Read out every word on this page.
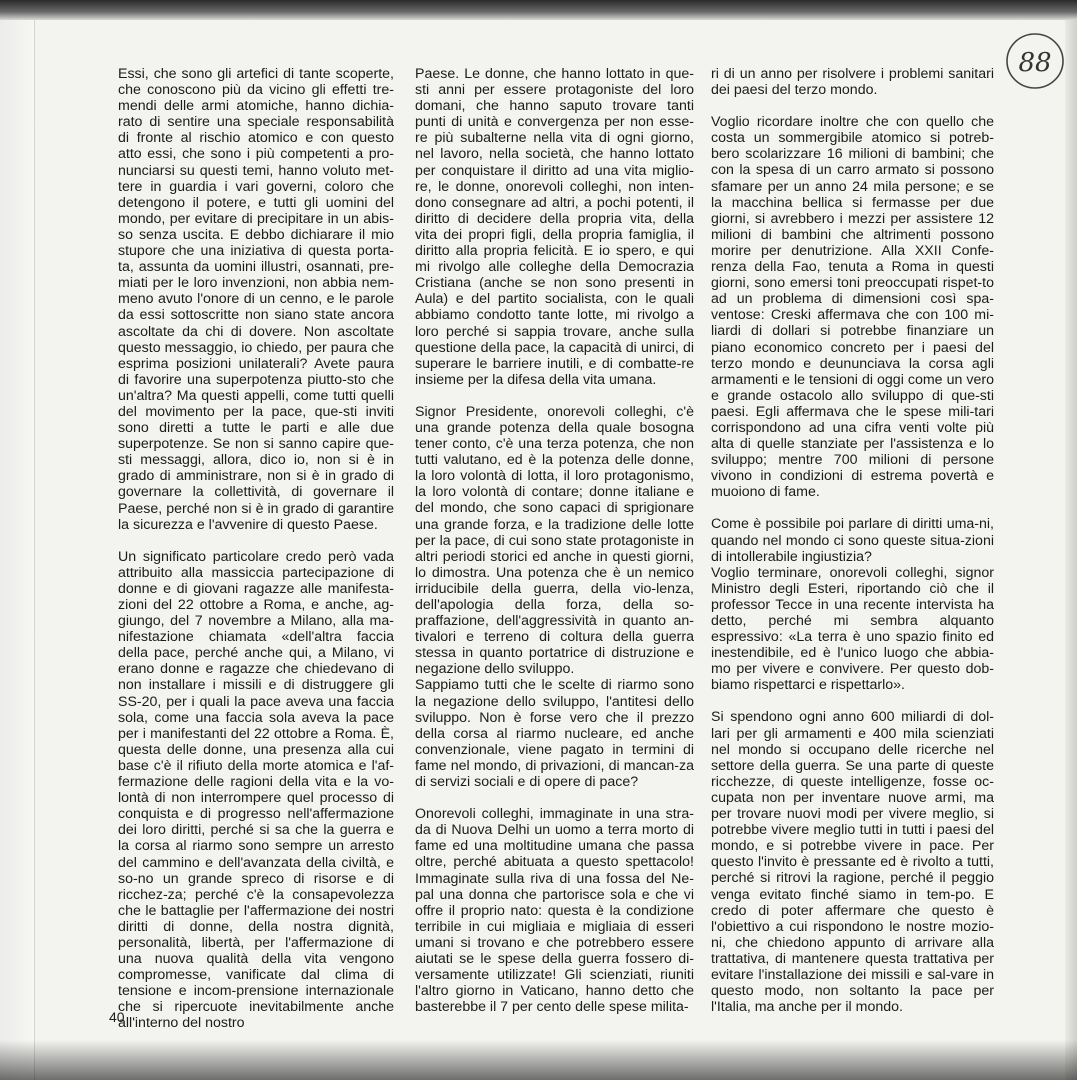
88

Essi, che sono gli artefici di tante scoperte, che conoscono più da vicino gli effetti tre-mendi delle armi atomiche, hanno dichia-rato di sentire una speciale responsabilità di fronte al rischio atomico e con questo atto essi, che sono i più competenti a pro-nunciarsi su questi temi, hanno voluto met-tere in guardia i vari governi, coloro che detengono il potere, e tutti gli uomini del mondo, per evitare di precipitare in un abis-so senza uscita. E debbo dichiarare il mio stupore che una iniziativa di questa porta-ta, assunta da uomini illustri, osannati, pre-miati per le loro invenzioni, non abbia nem-meno avuto l'onore di un cenno, e le parole da essi sottoscritte non siano state ancora ascoltate da chi di dovere. Non ascoltate questo messaggio, io chiedo, per paura che esprima posizioni unilaterali? Avete paura di favorire una superpotenza piutto-sto che un'altra? Ma questi appelli, come tutti quelli del movimento per la pace, que-sti inviti sono diretti a tutte le parti e alle due superpotenze. Se non si sanno capire que-sti messaggi, allora, dico io, non si è in grado di amministrare, non si è in grado di governare la collettività, di governare il Paese, perché non si è in grado di garantire la sicurezza e l'avvenire di questo Paese.

Un significato particolare credo però vada attribuito alla massiccia partecipazione di donne e di giovani ragazze alle manifesta-zioni del 22 ottobre a Roma, e anche, ag-giungo, del 7 novembre a Milano, alla ma-nifestazione chiamata «dell'altra faccia della pace, perché anche qui, a Milano, vi erano donne e ragazze che chiedevano di non installare i missili e di distruggere gli SS-20, per i quali la pace aveva una faccia sola, come una faccia sola aveva la pace per i manifestanti del 22 ottobre a Roma. È, questa delle donne, una presenza alla cui base c'è il rifiuto della morte atomica e l'af-fermazione delle ragioni della vita e la vo-lontà di non interrompere quel processo di conquista e di progresso nell'affermazione dei loro diritti, perché si sa che la guerra e la corsa al riarmo sono sempre un arresto del cammino e dell'avanzata della civiltà, e so-no un grande spreco di risorse e di ricchez-za; perché c'è la consapevolezza che le battaglie per l'affermazione dei nostri diritti di donne, della nostra dignità, personalità, libertà, per l'affermazione di una nuova qualità della vita vengono compromesse, vanificate dal clima di tensione e incom-prensione internazionale che si ripercuote inevitabilmente anche all'interno del nostro

Paese. Le donne, che hanno lottato in que-sti anni per essere protagoniste del loro domani, che hanno saputo trovare tanti punti di unità e convergenza per non esse-re più subalterne nella vita di ogni giorno, nel lavoro, nella società, che hanno lottato per conquistare il diritto ad una vita miglio-re, le donne, onorevoli colleghi, non inten-dono consegnare ad altri, a pochi potenti, il diritto di decidere della propria vita, della vita dei propri figli, della propria famiglia, il diritto alla propria felicità. E io spero, e qui mi rivolgo alle colleghe della Democrazia Cristiana (anche se non sono presenti in Aula) e del partito socialista, con le quali abbiamo condotto tante lotte, mi rivolgo a loro perché si sappia trovare, anche sulla questione della pace, la capacità di unirci, di superare le barriere inutili, e di combatte-re insieme per la difesa della vita umana.

Signor Presidente, onorevoli colleghi, c'è una grande potenza della quale bosogna tener conto, c'è una terza potenza, che non tutti valutano, ed è la potenza delle donne, la loro volontà di lotta, il loro protagonismo, la loro volontà di contare; donne italiane e del mondo, che sono capaci di sprigionare una grande forza, e la tradizione delle lotte per la pace, di cui sono state protagoniste in altri periodi storici ed anche in questi giorni, lo dimostra. Una potenza che è un nemico irriducibile della guerra, della vio-lenza, dell'apologia della forza, della so-praffazione, dell'aggressività in quanto an-tivalori e terreno di coltura della guerra stessa in quanto portatrice di distruzione e negazione dello sviluppo.

Sappiamo tutti che le scelte di riarmo sono la negazione dello sviluppo, l'antitesi dello sviluppo. Non è forse vero che il prezzo della corsa al riarmo nucleare, ed anche convenzionale, viene pagato in termini di fame nel mondo, di privazioni, di mancan-za di servizi sociali e di opere di pace?

Onorevoli colleghi, immaginate in una stra-da di Nuova Delhi un uomo a terra morto di fame ed una moltitudine umana che passa oltre, perché abituata a questo spettacolo! Immaginate sulla riva di una fossa del Ne-pal una donna che partorisce sola e che vi offre il proprio nato: questa è la condizione terribile in cui migliaia e migliaia di esseri umani si trovano e che potrebbero essere aiutati se le spese della guerra fossero di-versamente utilizzate! Gli scienziati, riuniti l'altro giorno in Vaticano, hanno detto che basterebbe il 7 per cento delle spese milita-

ri di un anno per risolvere i problemi sanitari dei paesi del terzo mondo.

Voglio ricordare inoltre che con quello che costa un sommergibile atomico si potreb-bero scolarizzare 16 milioni di bambini; che con la spesa di un carro armato si possono sfamare per un anno 24 mila persone; e se la macchina bellica si fermasse per due giorni, si avrebbero i mezzi per assistere 12 milioni di bambini che altrimenti possono morire per denutrizione. Alla XXII Confe-renza della Fao, tenuta a Roma in questi giorni, sono emersi toni preoccupati rispet-to ad un problema di dimensioni così spa-ventose: Creski affermava che con 100 mi-liardi di dollari si potrebbe finanziare un piano economico concreto per i paesi del terzo mondo e deununciava la corsa agli armamenti e le tensioni di oggi come un vero e grande ostacolo allo sviluppo di que-sti paesi. Egli affermava che le spese mili-tari corrispondono ad una cifra venti volte più alta di quelle stanziate per l'assistenza e lo sviluppo; mentre 700 milioni di persone vivono in condizioni di estrema povertà e muoiono di fame.

Come è possibile poi parlare di diritti uma-ni, quando nel mondo ci sono queste situa-zioni di intollerabile ingiustizia?

Voglio terminare, onorevoli colleghi, signor Ministro degli Esteri, riportando ciò che il professor Tecce in una recente intervista ha detto, perché mi sembra alquanto espressivo: «La terra è uno spazio finito ed inestendibile, ed è l'unico luogo che abbia-mo per vivere e convivere. Per questo dob-biamo rispettarci e rispettarlo».

Si spendono ogni anno 600 miliardi di dol-lari per gli armamenti e 400 mila scienziati nel mondo si occupano delle ricerche nel settore della guerra. Se una parte di queste ricchezze, di queste intelligenze, fosse oc-cupata non per inventare nuove armi, ma per trovare nuovi modi per vivere meglio, si potrebbe vivere meglio tutti in tutti i paesi del mondo, e si potrebbe vivere in pace. Per questo l'invito è pressante ed è rivolto a tutti, perché si ritrovi la ragione, perché il peggio venga evitato finché siamo in tem-po. E credo di poter affermare che questo è l'obiettivo a cui rispondono le nostre mozio-ni, che chiedono appunto di arrivare alla trattativa, di mantenere questa trattativa per evitare l'installazione dei missili e sal-vare in questo modo, non soltanto la pace per l'Italia, ma anche per il mondo.

40
